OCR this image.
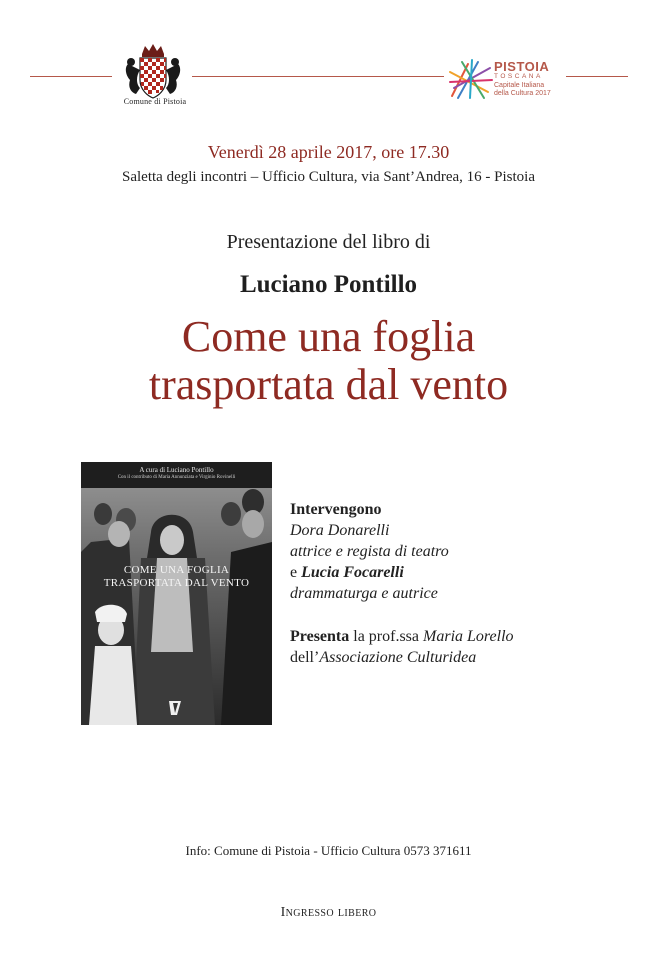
Comune di Pistoia
PISTOIA
TOSCANA
Capitale Italiana
della Cultura 2017
Venerdì 28 aprile 2017, ore 17.30
Saletta degli incontri – Ufficio Cultura, via Sant’Andrea, 16 - Pistoia
Presentazione del libro di
Luciano Pontillo
Come una foglia
trasportata dal vento
A cura di Luciano Pontillo
Con il contributo di Maria Annunziata e Virginio Rovinelli
COME UNA FOGLIA
TRASPORTATA DAL VENTO
Intervengono
Dora Donarelli
attrice e regista di teatro
e Lucia Focarelli
drammaturga e autrice
Presenta la prof.ssa Maria Lorello
dell’Associazione Culturidea
Info: Comune di Pistoia - Ufficio Cultura 0573 371611
Ingresso libero
